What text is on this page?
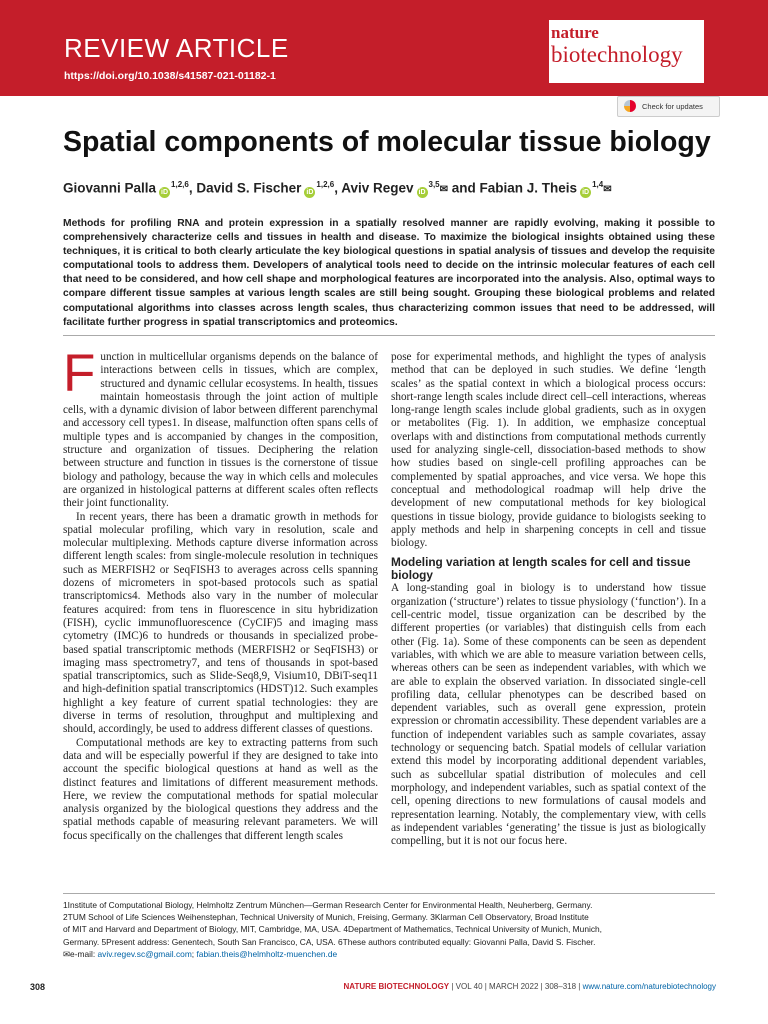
REVIEW ARTICLE
https://doi.org/10.1038/s41587-021-01182-1
nature
biotechnology
Check for updates
Spatial components of molecular tissue biology
Giovanni Palla iD$^{1,2,6}$, David S. Fischer iD$^{1,2,6}$, Aviv Regev iD$^{3,5}$✉ and Fabian J. Theis iD$^{1,4}$✉
Methods for profiling RNA and protein expression in a spatially resolved manner are rapidly evolving, making it possible to comprehensively characterize cells and tissues in health and disease. To maximize the biological insights obtained using these techniques, it is critical to both clearly articulate the key biological questions in spatial analysis of tissues and develop the requisite computational tools to address them. Developers of analytical tools need to decide on the intrinsic molecular features of each cell that need to be considered, and how cell shape and morphological features are incorporated into the analysis. Also, optimal ways to compare different tissue samples at various length scales are still being sought. Grouping these biological problems and related computational algorithms into classes across length scales, thus characterizing common issues that need to be addressed, will facilitate further progress in spatial transcriptomics and proteomics.

Function in multicellular organisms depends on the balance of interactions between cells in tissues, which are complex, structured and dynamic cellular ecosystems. In health, tissues maintain homeostasis through the joint action of multiple cells, with a dynamic division of labor between different parenchymal and accessory cell types1. In disease, malfunction often spans cells of multiple types and is accompanied by changes in the composition, structure and organization of tissues. Deciphering the relation between structure and function in tissues is the cornerstone of tissue biology and pathology, because the way in which cells and molecules are organized in histological patterns at different scales often reflects their joint functionality.

In recent years, there has been a dramatic growth in methods for spatial molecular profiling, which vary in resolution, scale and molecular multiplexing. Methods capture diverse information across different length scales: from single-molecule resolution in techniques such as MERFISH2 or SeqFISH3 to averages across cells spanning dozens of micrometers in spot-based protocols such as spatial transcriptomics4. Methods also vary in the number of molecular features acquired: from tens in fluorescence in situ hybridization (FISH), cyclic immunofluorescence (CyCIF)5 and imaging mass cytometry (IMC)6 to hundreds or thousands in specialized probe-based spatial transcriptomic methods (MERFISH2 or SeqFISH3) or imaging mass spectrometry7, and tens of thousands in spot-based spatial transcriptomics, such as Slide-Seq8,9, Visium10, DBiT-seq11 and high-definition spatial transcriptomics (HDST)12. Such examples highlight a key feature of current spatial technologies: they are diverse in terms of resolution, throughput and multiplexing and should, accordingly, be used to address different classes of questions.

Computational methods are key to extracting patterns from such data and will be especially powerful if they are designed to take into account the specific biological questions at hand as well as the distinct features and limitations of different measurement methods. Here, we review the computational methods for spatial molecular analysis organized by the biological questions they address and the spatial methods capable of measuring relevant parameters. We will focus specifically on the challenges that different length scales

pose for experimental methods, and highlight the types of analysis method that can be deployed in such studies. We define ‘length scales’ as the spatial context in which a biological process occurs: short-range length scales include direct cell–cell interactions, whereas long-range length scales include global gradients, such as in oxygen or metabolites (Fig. 1). In addition, we emphasize conceptual overlaps with and distinctions from computational methods currently used for analyzing single-cell, dissociation-based methods to show how studies based on single-cell profiling approaches can be complemented by spatial approaches, and vice versa. We hope this conceptual and methodological roadmap will help drive the development of new computational methods for key biological questions in tissue biology, provide guidance to biologists seeking to apply methods and help in sharpening concepts in cell and tissue biology.

Modeling variation at length scales for cell and tissue biology

A long-standing goal in biology is to understand how tissue organization (‘structure’) relates to tissue physiology (‘function’). In a cell-centric model, tissue organization can be described by the different properties (or variables) that distinguish cells from each other (Fig. 1a). Some of these components can be seen as dependent variables, with which we are able to measure variation between cells, whereas others can be seen as independent variables, with which we are able to explain the observed variation. In dissociated single-cell profiling data, cellular phenotypes can be described based on dependent variables, such as overall gene expression, protein expression or chromatin accessibility. These dependent variables are a function of independent variables such as sample covariates, assay technology or sequencing batch. Spatial models of cellular variation extend this model by incorporating additional dependent variables, such as subcellular spatial distribution of molecules and cell morphology, and independent variables, such as spatial context of the cell, opening directions to new formulations of causal models and representation learning. Notably, the complementary view, with cells as independent variables ‘generating’ the tissue is just as biologically compelling, but it is not our focus here.

1Institute of Computational Biology, Helmholtz Zentrum München—German Research Center for Environmental Health, Neuherberg, Germany.
2TUM School of Life Sciences Weihenstephan, Technical University of Munich, Freising, Germany. 3Klarman Cell Observatory, Broad Institute
of MIT and Harvard and Department of Biology, MIT, Cambridge, MA, USA. 4Department of Mathematics, Technical University of Munich, Munich,
Germany. 5Present address: Genentech, South San Francisco, CA, USA. 6These authors contributed equally: Giovanni Palla, David S. Fischer.
✉e-mail: aviv.regev.sc@gmail.com; fabian.theis@helmholtz-muenchen.de
308	NATURE BIOTECHNOLOGY | VOL 40 | MARCH 2022 | 308–318 | www.nature.com/naturebiotechnology
